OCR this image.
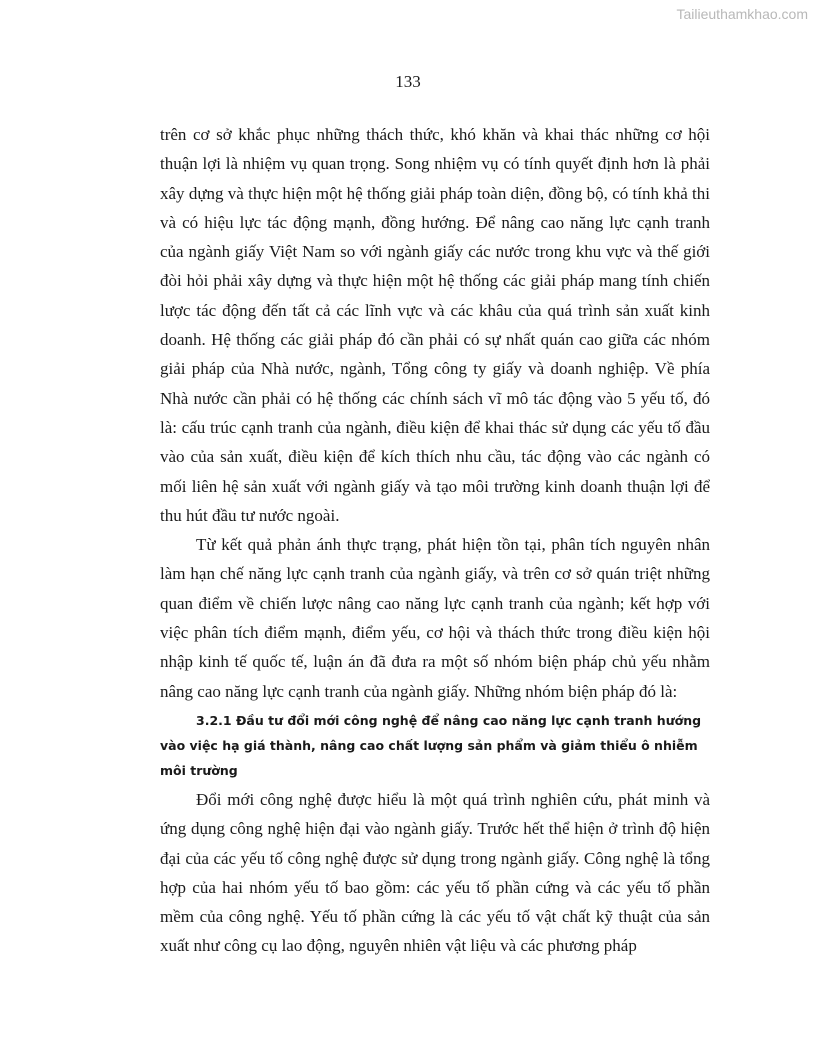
Tailieuthamkhao.com
133

trên cơ sở khắc phục những thách thức, khó khăn và khai thác những cơ hội thuận lợi là nhiệm vụ quan trọng. Song nhiệm vụ có tính quyết định hơn là phải xây dựng và thực hiện một hệ thống giải pháp toàn diện, đồng bộ, có tính khả thi và có hiệu lực tác động mạnh, đồng hướng. Để nâng cao năng lực cạnh tranh của ngành giấy Việt Nam so với ngành giấy các nước trong khu vực và thế giới đòi hỏi phải xây dựng và thực hiện một hệ thống các giải pháp mang tính chiến lược tác động đến tất cả các lĩnh vực và các khâu của quá trình sản xuất kinh doanh. Hệ thống các giải pháp đó cần phải có sự nhất quán cao giữa các nhóm giải pháp của Nhà nước, ngành, Tổng công ty giấy và doanh nghiệp. Về phía Nhà nước cần phải có hệ thống các chính sách vĩ mô tác động vào 5 yếu tố, đó là: cấu trúc cạnh tranh của ngành, điều kiện để khai thác sử dụng các yếu tố đầu vào của sản xuất, điều kiện để kích thích nhu cầu, tác động vào các ngành có mối liên hệ sản xuất với ngành giấy và tạo môi trường kinh doanh thuận lợi để thu hút đầu tư nước ngoài.

Từ kết quả phản ánh thực trạng, phát hiện tồn tại, phân tích nguyên nhân làm hạn chế năng lực cạnh tranh của ngành giấy, và trên cơ sở quán triệt những quan điểm về chiến lược nâng cao năng lực cạnh tranh của ngành; kết hợp với việc phân tích điểm mạnh, điểm yếu, cơ hội và thách thức trong điều kiện hội nhập kinh tế quốc tế, luận án đã đưa ra một số nhóm biện pháp chủ yếu nhằm nâng cao năng lực cạnh tranh của ngành giấy. Những nhóm biện pháp đó là:

3.2.1 Đầu tư đổi mới công nghệ để nâng cao năng lực cạnh tranh hướng vào việc hạ giá thành, nâng cao chất lượng sản phẩm và giảm thiểu ô nhiễm môi trường

Đổi mới công nghệ được hiểu là một quá trình nghiên cứu, phát minh và ứng dụng công nghệ hiện đại vào ngành giấy. Trước hết thể hiện ở trình độ hiện đại của các yếu tố công nghệ được sử dụng trong ngành giấy. Công nghệ là tổng hợp của hai nhóm yếu tố bao gồm: các yếu tố phần cứng và các yếu tố phần mềm của công nghệ. Yếu tố phần cứng là các yếu tố vật chất kỹ thuật của sản xuất như công cụ lao động, nguyên nhiên vật liệu và các phương pháp
